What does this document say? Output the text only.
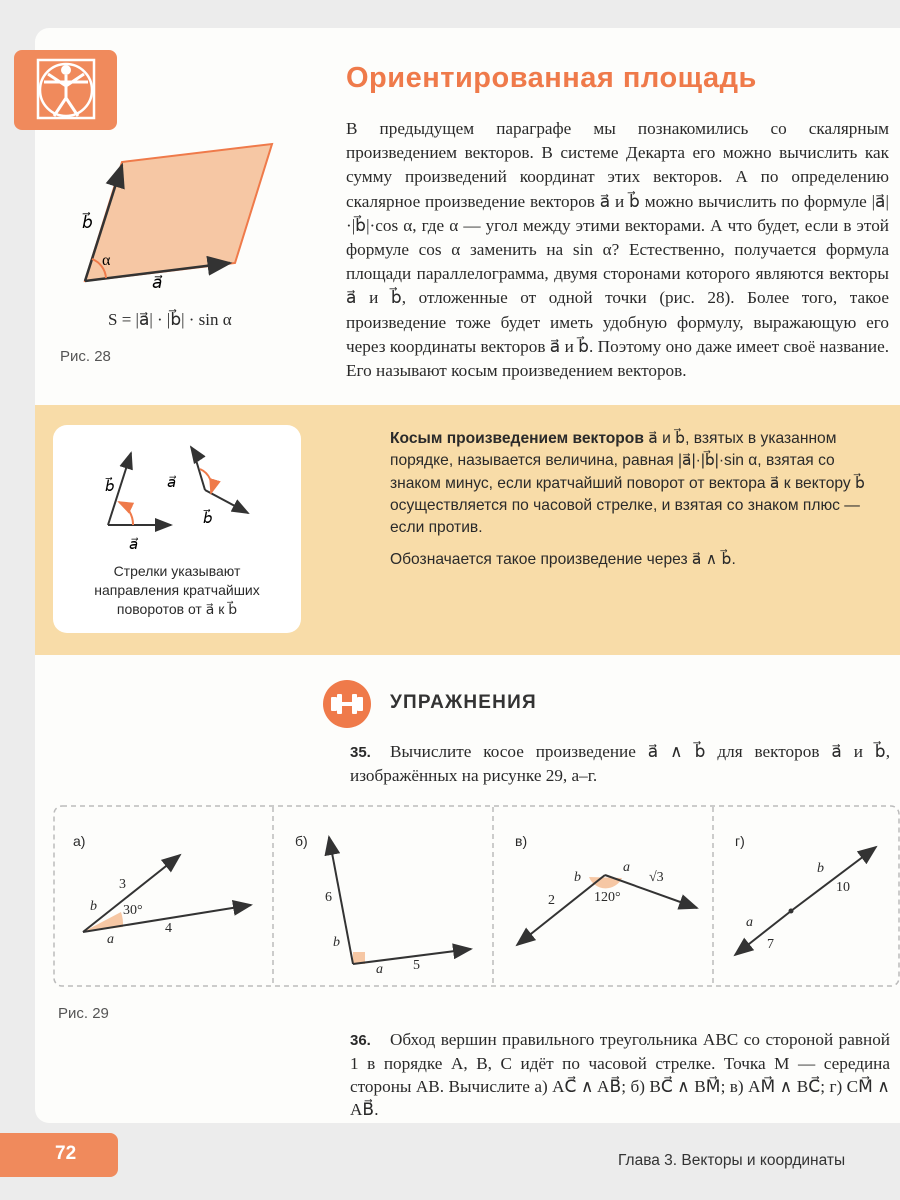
Ориентированная площадь
В предыдущем параграфе мы познакомились со скалярным произведением векторов. В системе Декарта его можно вычислить как сумму произведений координат этих векторов. А по определению скалярное произведение векторов a⃗ и b⃗ можно вычислить по формуле |a⃗|·|b⃗|·cos α, где α — угол между этими векторами. А что будет, если в этой формуле cos α заменить на sin α? Естественно, получается формула площади параллелограмма, двумя сторонами которого являются векторы a⃗ и b⃗, отложенные от одной точки (рис. 28). Более того, такое произведение тоже будет иметь удобную формулу, выражающую его через координаты векторов a⃗ и b⃗. Поэтому оно даже имеет своё название. Его называют косым произведением векторов.
b⃗
α
a⃗
S = |a⃗| · |b⃗| · sin α
Рис. 28
b⃗
a⃗
a⃗
b⃗
Стрелки указывают
направления кратчайших
поворотов от a⃗ к b⃗

Косым произведением векторов a⃗ и b⃗, взятых в указанном порядке, называется величина, равная |a⃗|·|b⃗|·sin α, взятая со знаком минус, если кратчайший поворот от вектора a⃗ к вектору b⃗ осуществляется по часовой стрелке, и взятая со знаком плюс — если против.

Обозначается такое произведение через a⃗ ∧ b⃗.

УПРАЖНЕНИЯ
35. Вычислите косое произведение a⃗ ∧ b⃗ для векторов a⃗ и b⃗, изображённых на рисунке 29, а–г.
а)
3
4
30°
b⃗
a⃗
б)
6
5
b⃗
a⃗
в)
2
√3
120°
b⃗
a⃗
г)
10
7
b⃗
a⃗
Рис. 29
36. Обход вершин правильного треугольника ABC со стороной равной 1 в порядке A, B, C идёт по часовой стрелке. Точка M — середина стороны AB. Вычислите а) AC⃗ ∧ AB⃗; б) BC⃗ ∧ BM⃗; в) AM⃗ ∧ BC⃗; г) CM⃗ ∧ AB⃗.
72	Глава 3. Векторы и координаты
